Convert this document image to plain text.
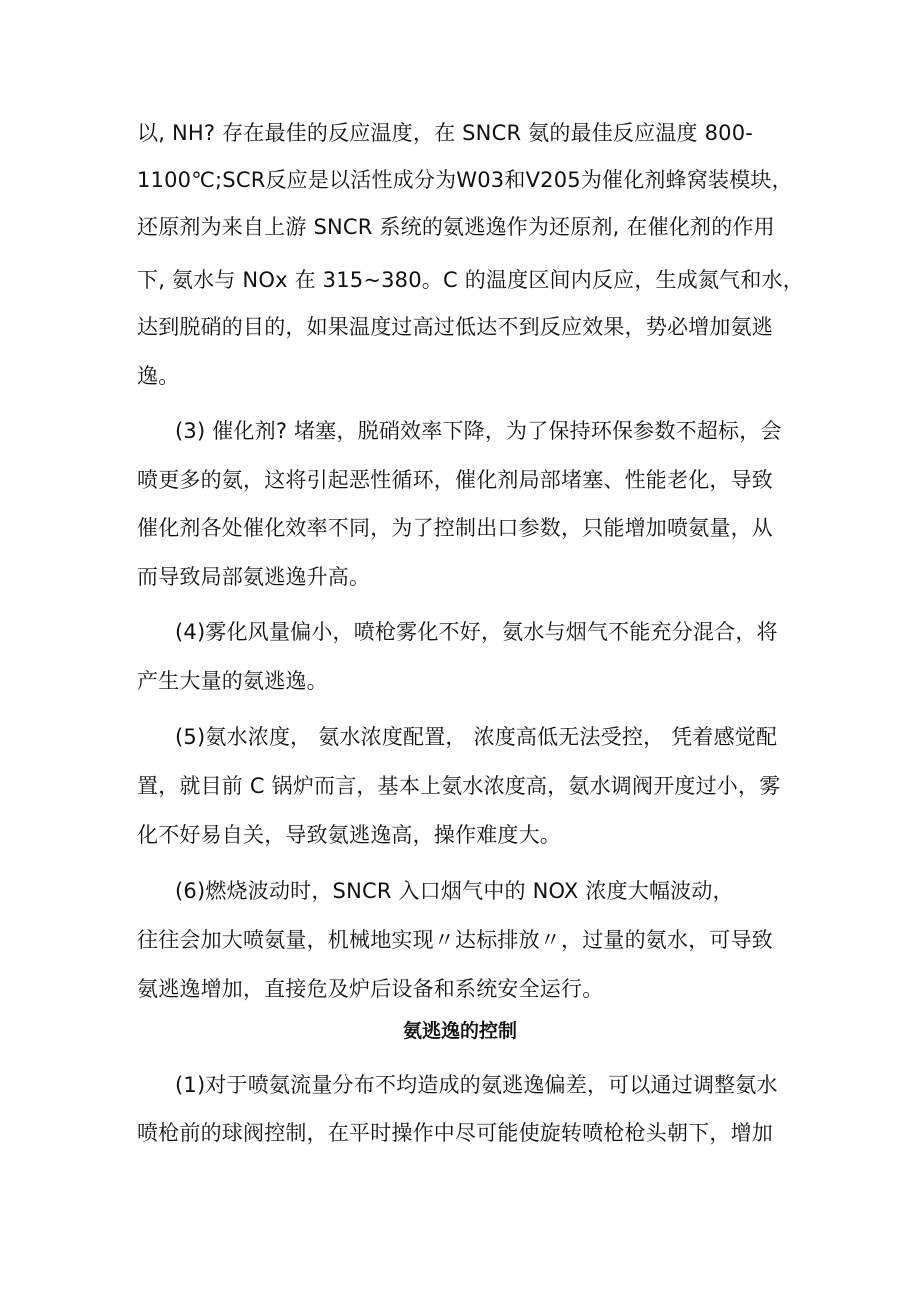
以, NH? 存在最佳的反应温度，在 SNCR 氨的最佳反应温度 800-
1100℃;SCR反应是以活性成分为W03和V205为催化剂蜂窝装模块，
还原剂为来自上游 SNCR 系统的氨逃逸作为还原剂, 在催化剂的作用
下, 氨水与 NOx 在 315~380。C 的温度区间内反应，生成氮气和水，
达到脱硝的目的，如果温度过高过低达不到反应效果，势必增加氨逃
逸。
(3) 催化剂? 堵塞，脱硝效率下降，为了保持环保参数不超标，会
喷更多的氨，这将引起恶性循环，催化剂局部堵塞、性能老化，导致
催化剂各处催化效率不同，为了控制出口参数，只能增加喷氨量，从
而导致局部氨逃逸升高。
(4)雾化风量偏小，喷枪雾化不好，氨水与烟气不能充分混合，将
产生大量的氨逃逸。
(5)氨水浓度， 氨水浓度配置， 浓度高低无法受控， 凭着感觉配
置，就目前 C 锅炉而言，基本上氨水浓度高，氨水调阀开度过小，雾
化不好易自关，导致氨逃逸高，操作难度大。
(6)燃烧波动时，SNCR 入口烟气中的 NOX 浓度大幅波动，
往往会加大喷氨量，机械地实现〃达标排放〃，过量的氨水，可导致
氨逃逸增加，直接危及炉后设备和系统安全运行。
氨逃逸的控制
(1)对于喷氨流量分布不均造成的氨逃逸偏差，可以通过调整氨水
喷枪前的球阀控制，在平时操作中尽可能使旋转喷枪枪头朝下，增加
